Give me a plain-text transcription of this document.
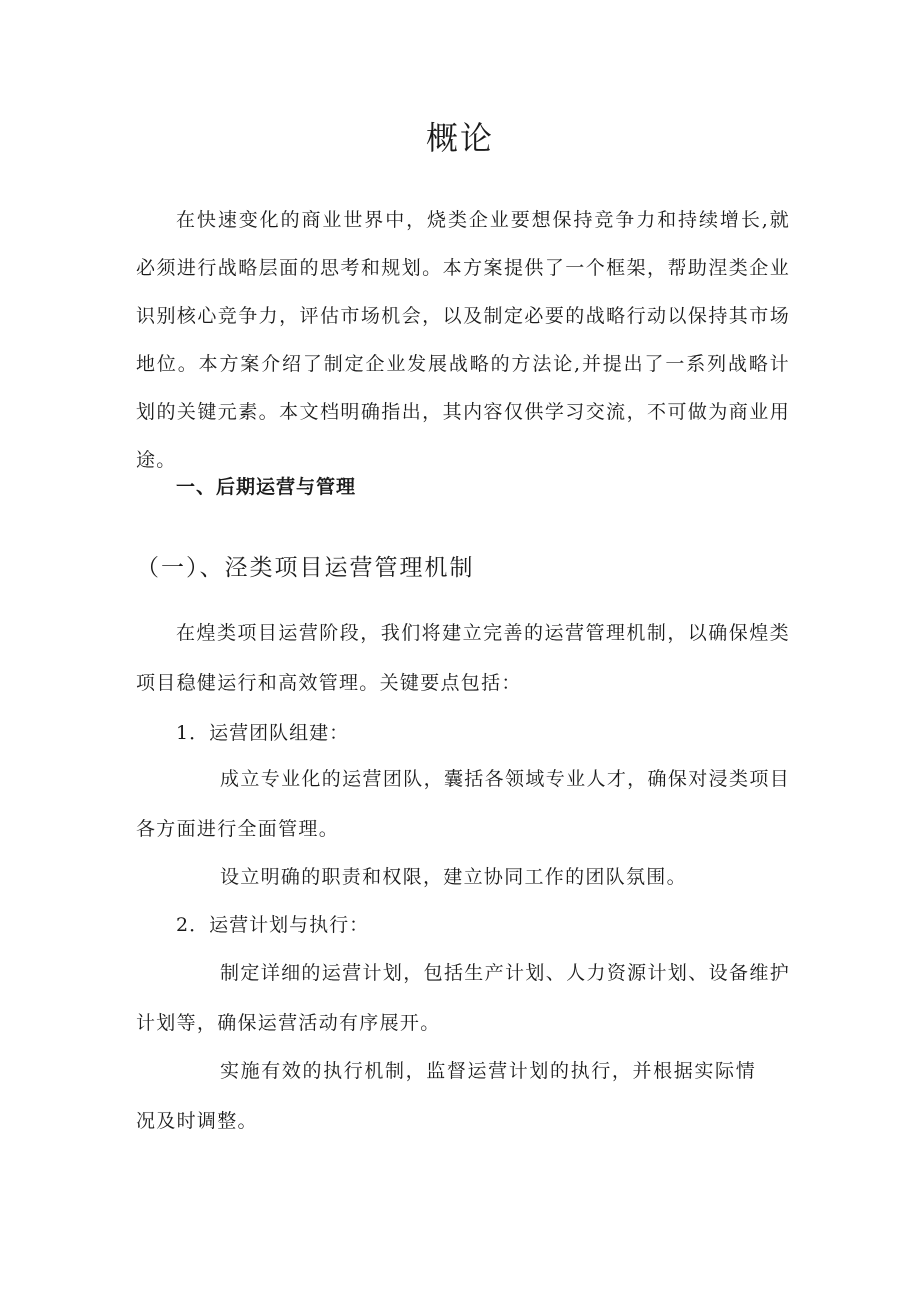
概论

在快速变化的商业世界中，烧类企业要想保持竞争力和持续增长,就必须进行战略层面的思考和规划。本方案提供了一个框架，帮助涅类企业识别核心竞争力，评估市场机会，以及制定必要的战略行动以保持其市场地位。本方案介绍了制定企业发展战略的方法论,并提出了一系列战略计划的关键元素。本文档明确指出，其内容仅供学习交流，不可做为商业用途。

一、后期运营与管理
（一）、泾类项目运营管理机制

在煌类项目运营阶段，我们将建立完善的运营管理机制，以确保煌类项目稳健运行和高效管理。关键要点包括：

1．运营团队组建：

成立专业化的运营团队，囊括各领域专业人才，确保对浸类项目各方面进行全面管理。

设立明确的职责和权限，建立协同工作的团队氛围。

2．运营计划与执行：

制定详细的运营计划，包括生产计划、人力资源计划、设备维护计划等，确保运营活动有序展开。

实施有效的执行机制，监督运营计划的执行，并根据实际情况及时调整。
